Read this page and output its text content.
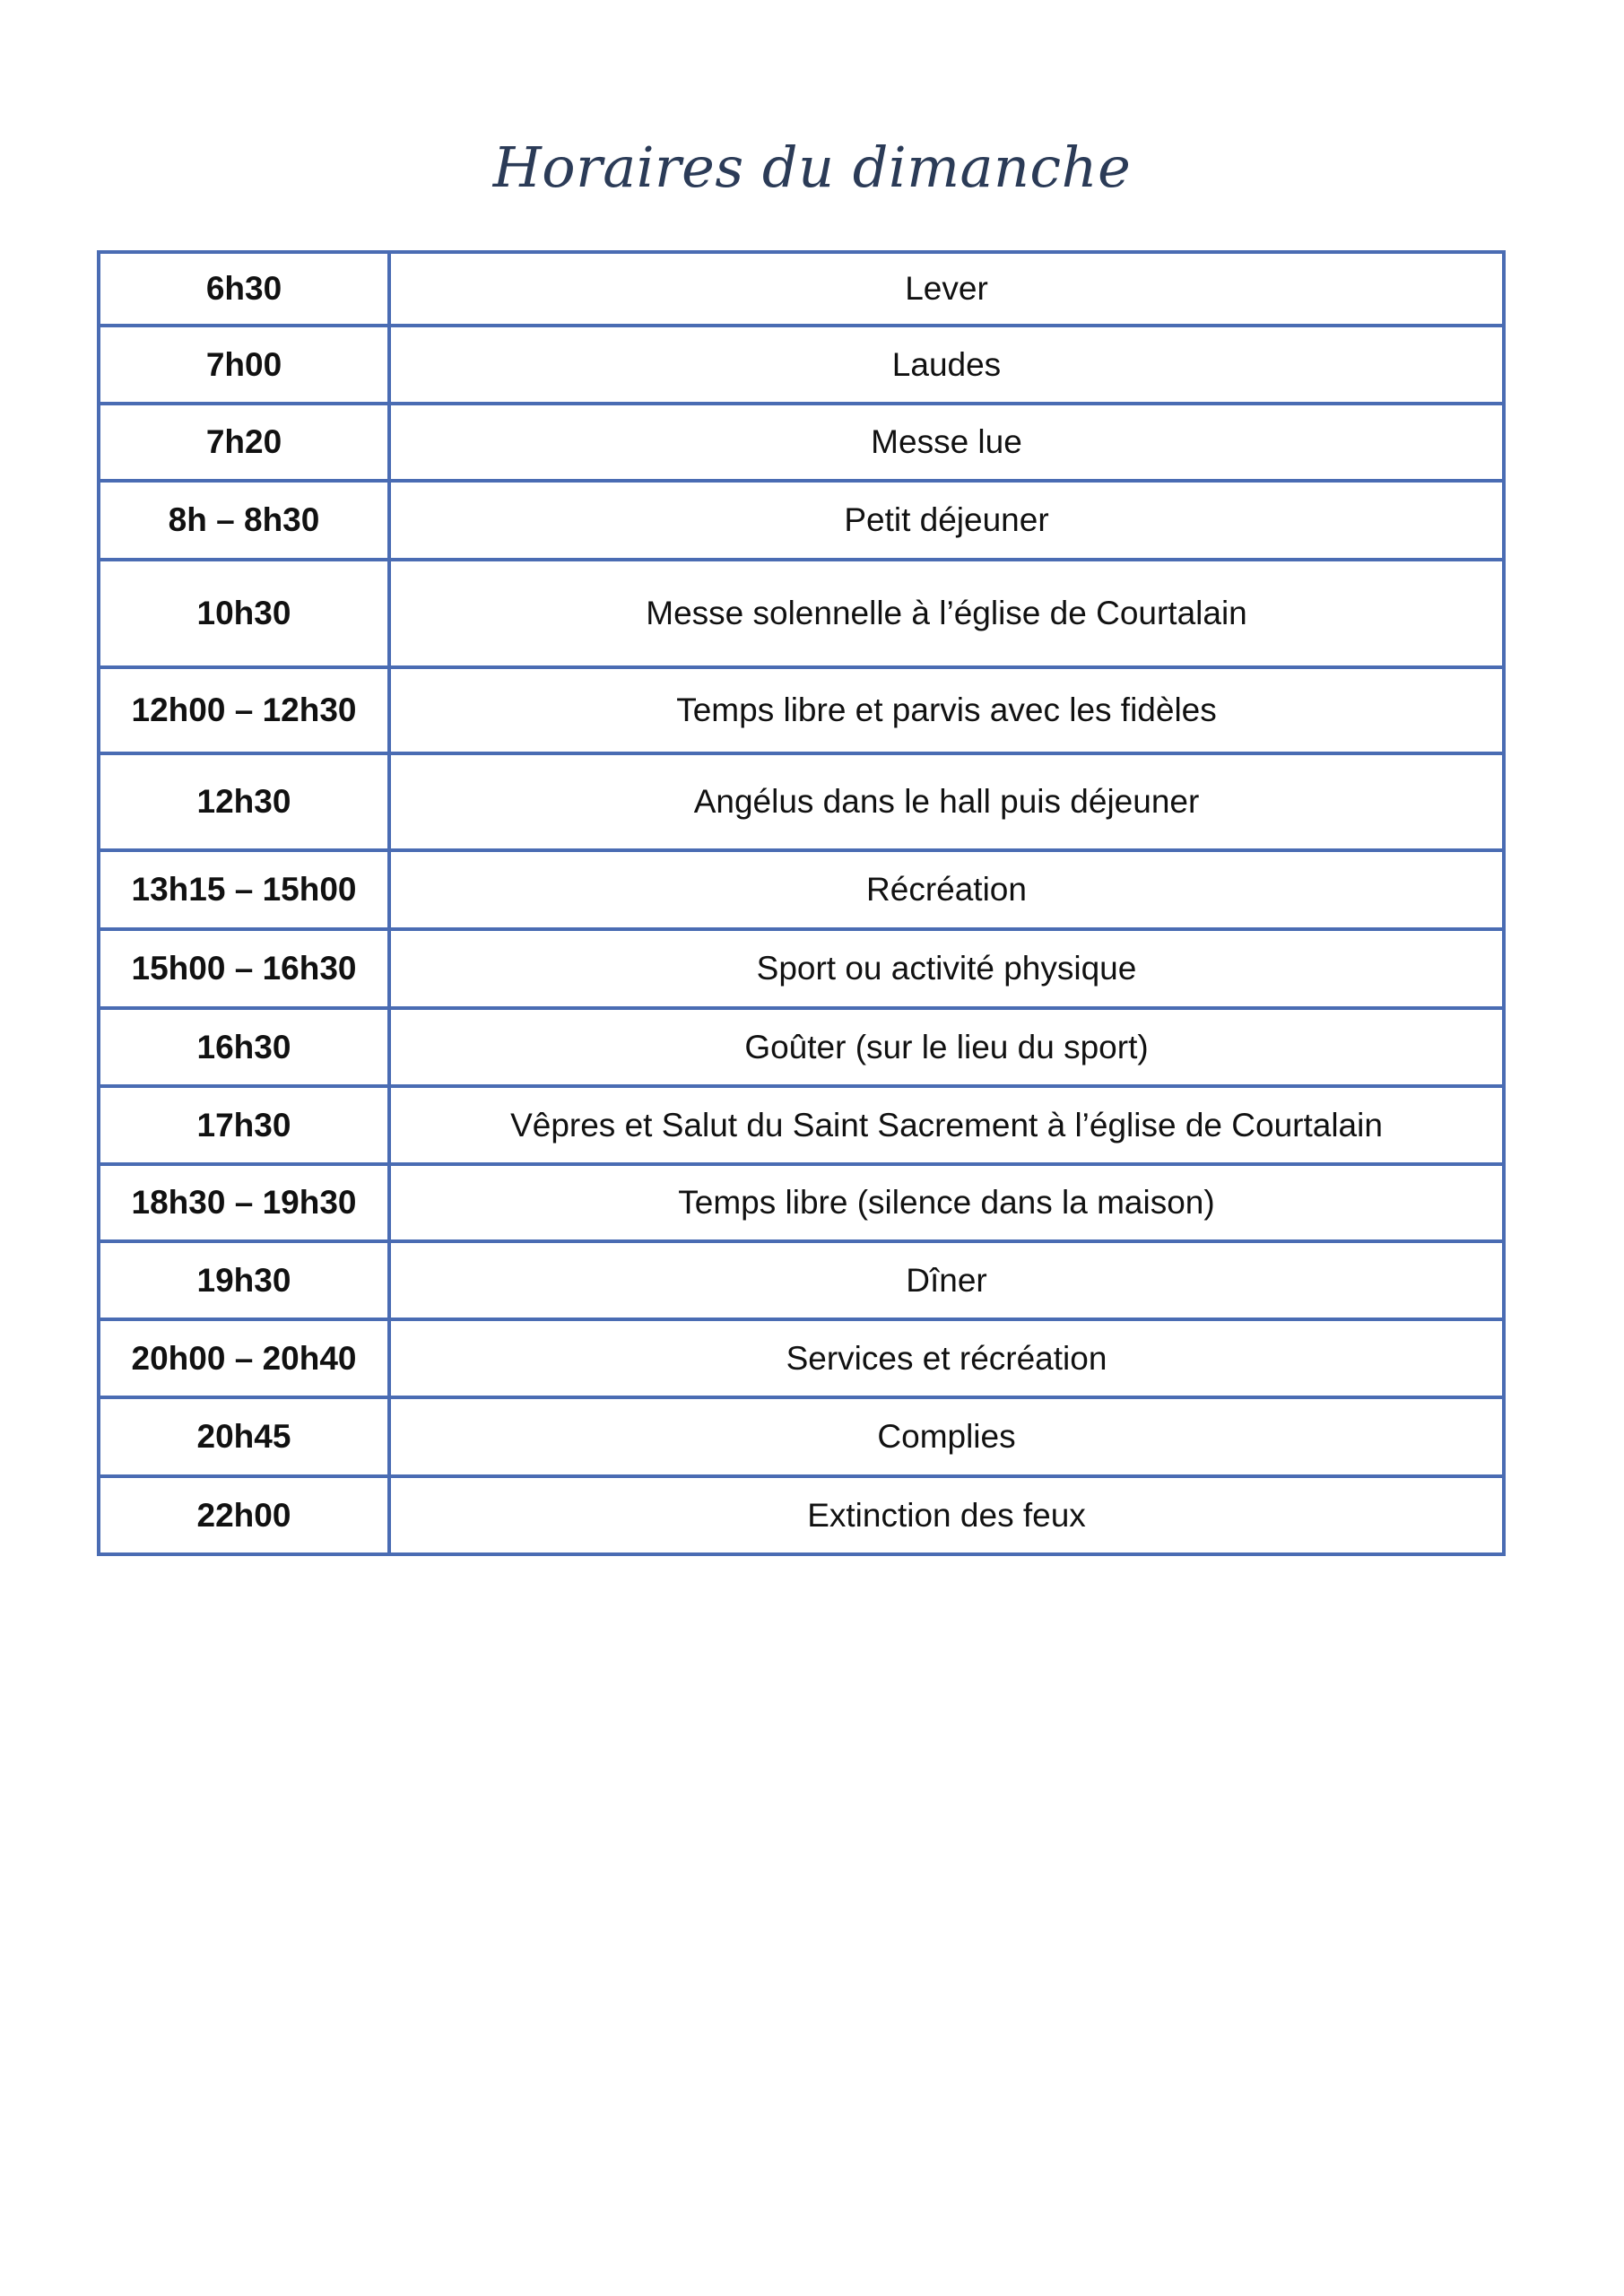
Horaires du dimanche
6h30	Lever
7h00	Laudes
7h20	Messe lue
8h – 8h30	Petit déjeuner
10h30	Messe solennelle à l’église de Courtalain
12h00 – 12h30	Temps libre et parvis avec les fidèles
12h30	Angélus dans le hall puis déjeuner
13h15 – 15h00	Récréation
15h00 – 16h30	Sport ou activité physique
16h30	Goûter (sur le lieu du sport)
17h30	Vêpres et Salut du Saint Sacrement à l’église de Courtalain
18h30 – 19h30	Temps libre (silence dans la maison)
19h30	Dîner
20h00 – 20h40	Services et récréation
20h45	Complies
22h00	Extinction des feux
